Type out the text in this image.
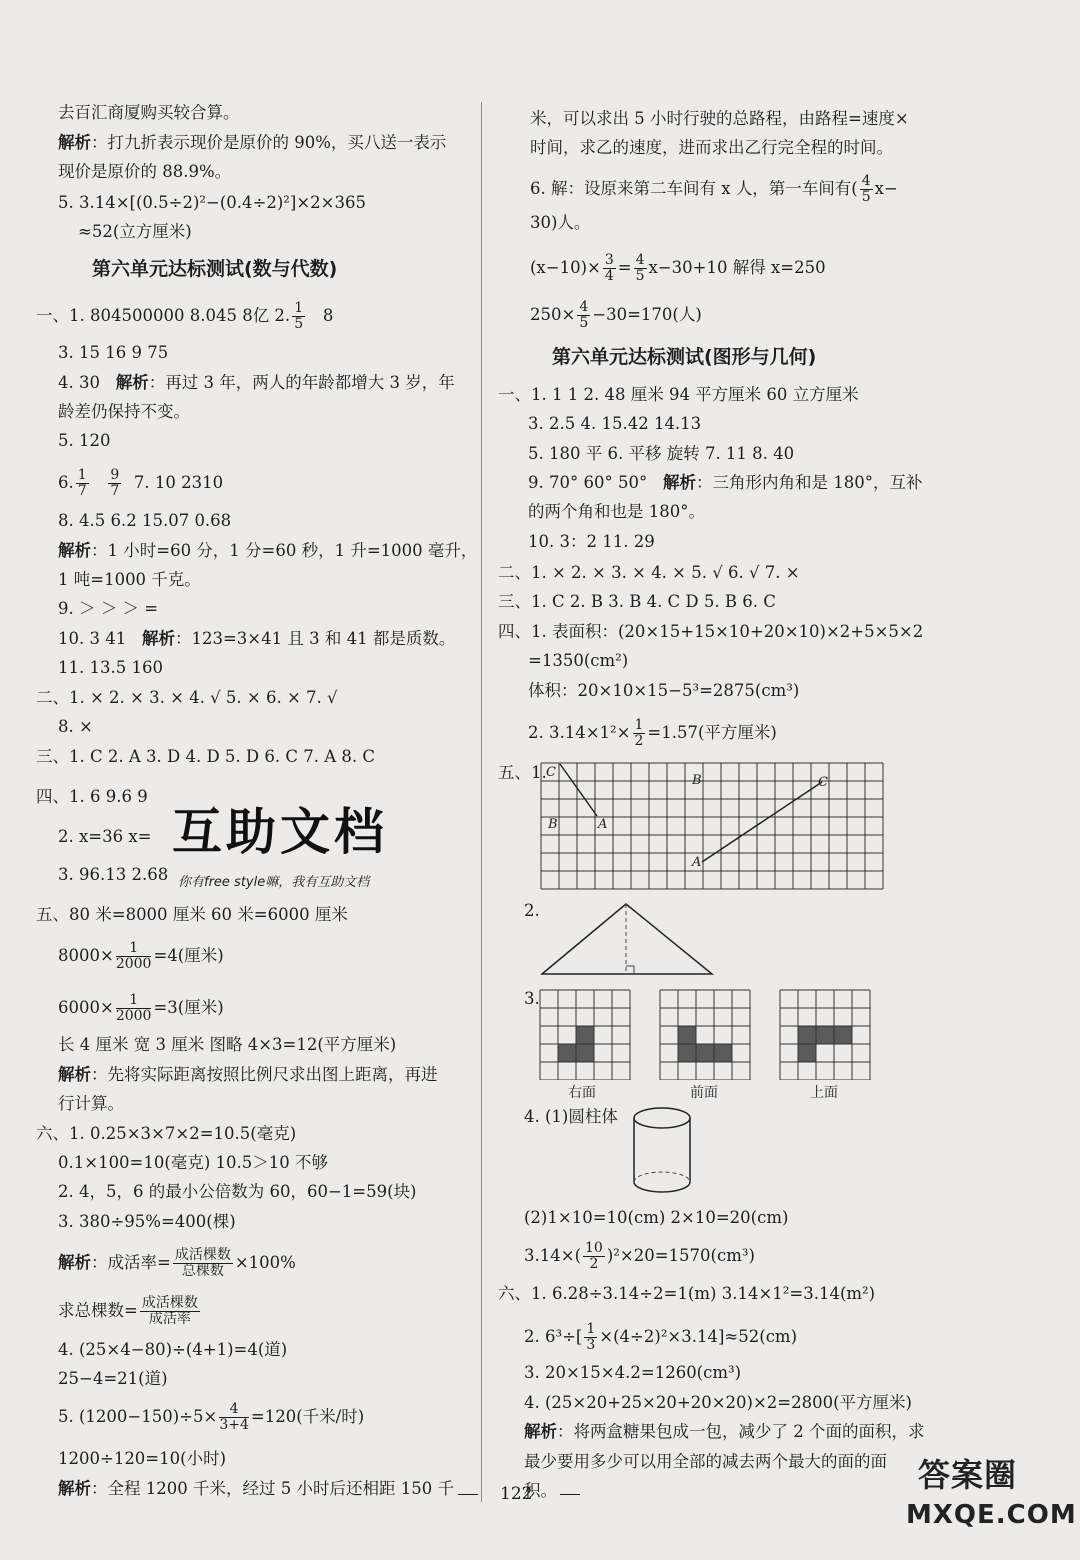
去百汇商厦购买较合算。
解析：打九折表示现价是原价的 90%，买八送一表示
现价是原价的 88.9%。
5. 3.14×[(0.5÷2)²−(0.4÷2)²]×2×365
≈52(立方厘米)
第六单元达标测试(数与代数)
一、1. 804500000 8.045 8亿 2. $\frac{1}{5} 8$
3. 15 16 9 75
4. 30 解析：再过 3 年，两人的年龄都增大 3 岁，年
龄差仍保持不变。
5. 120
6. $\frac{1}{7}$
$\frac{9}{7} 7$. 10 2310
8. 4.5 6.2 15.07 0.68
解析：1 小时=60 分，1 分=60 秒，1 升=1000 毫升，
1 吨=1000 千克。
9. ＞ ＞ ＞ =
10. 3 41 解析：123=3×41 且 3 和 41 都是质数。
11. 13.5 160
二、1. × 2. × 3. × 4. √ 5. × 6. × 7. √
8. ×
三、1. C 2. A 3. D 4. D 5. D 6. C 7. A 8. C
四、1. 6 9.6 9
2. x=36 x=
3. 96.13 2.68
五、80 米=8000 厘米 60 米=6000 厘米
$8000\times \frac{1}{2000} =4$(厘米)
$6000\times \frac{1}{2000} =3$(厘米)
长 4 厘米 宽 3 厘米 图略 4×3=12(平方厘米)
解析：先将实际距离按照比例尺求出图上距离，再进
行计算。
六、1. 0.25×3×7×2=10.5(毫克)
0.1×100=10(毫克) 10.5＞10 不够
2. 4，5，6 的最小公倍数为 60，60−1=59(块)
3. 380÷95%=400(棵)
解析：成活率= $\frac{\text{成活棵数}}{\text{总棵数}} \times 100\%$
求总棵数= $\frac{\text{成活棵数}}{\text{成活率}}$
4. (25×4−80)÷(4+1)=4(道)
25−4=21(道)
5. $(1200-150)\div 5\times \frac{4}{3+4} =120$(千米/时)
1200÷120=10(小时)
解析：全程 1200 千米，经过 5 小时后还相距 150 千
互助文档
你有free style嘛，我有互助文档
米，可以求出 5 小时行驶的总路程，由路程=速度×
时间，求乙的速度，进而求出乙行完全程的时间。
6. 解：设原来第二车间有 x 人，第一车间有( $\frac{4}{5} x-$
30)人。
$(x-10)\times \frac{3}{4} = \frac{4}{5} x-30+10$ 解得 x=250
$250\times \frac{4}{5} -30=170$(人)
第六单元达标测试(图形与几何)
一、1. 1 1 2. 48 厘米 94 平方厘米 60 立方厘米
3. 2.5 4. 15.42 14.13
5. 180 平 6. 平移 旋转 7. 11 8. 40
9. 70° 60° 50° 解析：三角形内角和是 180°，互补
的两个角和也是 180°。
10. 3：2 11. 29
二、1. × 2. × 3. × 4. × 5. √ 6. √ 7. ×
三、1. C 2. B 3. B 4. C D 5. B 6. C
四、1. 表面积：(20×15+15×10+20×10)×2+5×5×2
=1350(cm²)
体积：20×10×15−5³=2875(cm³)
2. $3.14\times 1^2\times \frac{1}{2} =1.57$(平方厘米)
五、1.
2.
3.
右面	前面	上面
4. (1)圆柱体
(2)1×10=10(cm) 2×10=20(cm)
$3.14\times( \frac{10}{2} )^2\times 20=1570(cm^3)$
六、1. 6.28÷3.14÷2=1(m) 3.14×1²=3.14(m²)
2. $6^3\div[ \frac{1}{3} \times(4\div 2)^2\times 3.14]\approx 52(cm)$
3. 20×15×4.2=1260(cm³)
4. (25×20+25×20+20×20)×2=2800(平方厘米)
解析：将两盒糖果包成一包，减少了 2 个面的面积，求
最少要用多少可以用全部的减去两个最大的面的面
积。
C
B	A
B	C
A
122	答案圈
MXQE.COM
